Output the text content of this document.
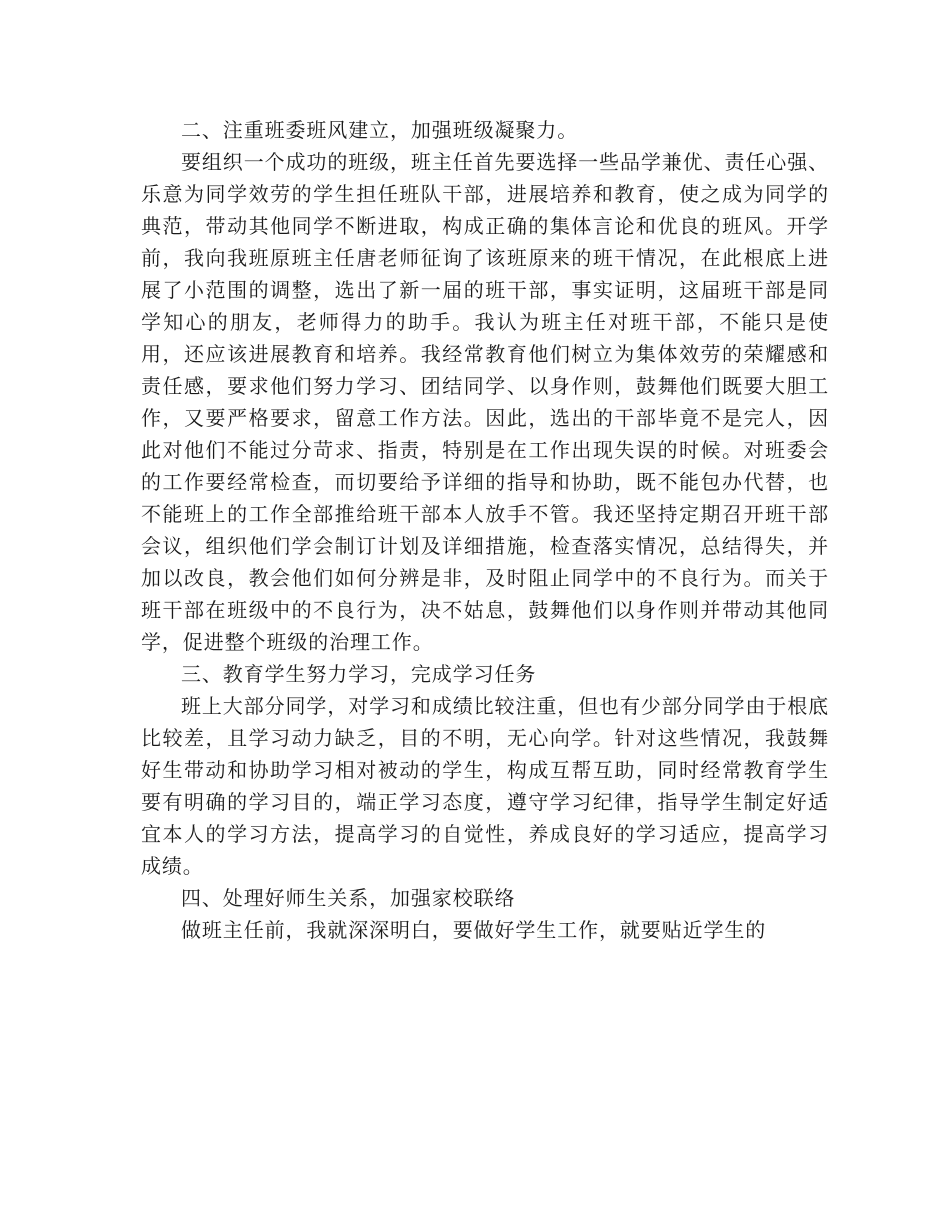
二、注重班委班风建立，加强班级凝聚力。

要组织一个成功的班级，班主任首先要选择一些品学兼优、责任心强、乐意为同学效劳的学生担任班队干部，进展培养和教育，使之成为同学的典范，带动其他同学不断进取，构成正确的集体言论和优良的班风。开学前，我向我班原班主任唐老师征询了该班原来的班干情况，在此根底上进展了小范围的调整，选出了新一届的班干部，事实证明，这届班干部是同学知心的朋友，老师得力的助手。我认为班主任对班干部，不能只是使用，还应该进展教育和培养。我经常教育他们树立为集体效劳的荣耀感和责任感，要求他们努力学习、团结同学、以身作则，鼓舞他们既要大胆工作，又要严格要求，留意工作方法。因此，选出的干部毕竟不是完人，因此对他们不能过分苛求、指责，特别是在工作出现失误的时候。对班委会的工作要经常检查，而切要给予详细的指导和协助，既不能包办代替，也不能班上的工作全部推给班干部本人放手不管。我还坚持定期召开班干部会议，组织他们学会制订计划及详细措施，检查落实情况，总结得失，并加以改良，教会他们如何分辨是非，及时阻止同学中的不良行为。而关于班干部在班级中的不良行为，决不姑息，鼓舞他们以身作则并带动其他同学，促进整个班级的治理工作。

三、教育学生努力学习，完成学习任务

班上大部分同学，对学习和成绩比较注重，但也有少部分同学由于根底比较差，且学习动力缺乏，目的不明，无心向学。针对这些情况，我鼓舞好生带动和协助学习相对被动的学生，构成互帮互助，同时经常教育学生要有明确的学习目的，端正学习态度，遵守学习纪律，指导学生制定好适宜本人的学习方法，提高学习的自觉性，养成良好的学习适应，提高学习成绩。

四、处理好师生关系，加强家校联络

做班主任前，我就深深明白，要做好学生工作，就要贴近学生的
